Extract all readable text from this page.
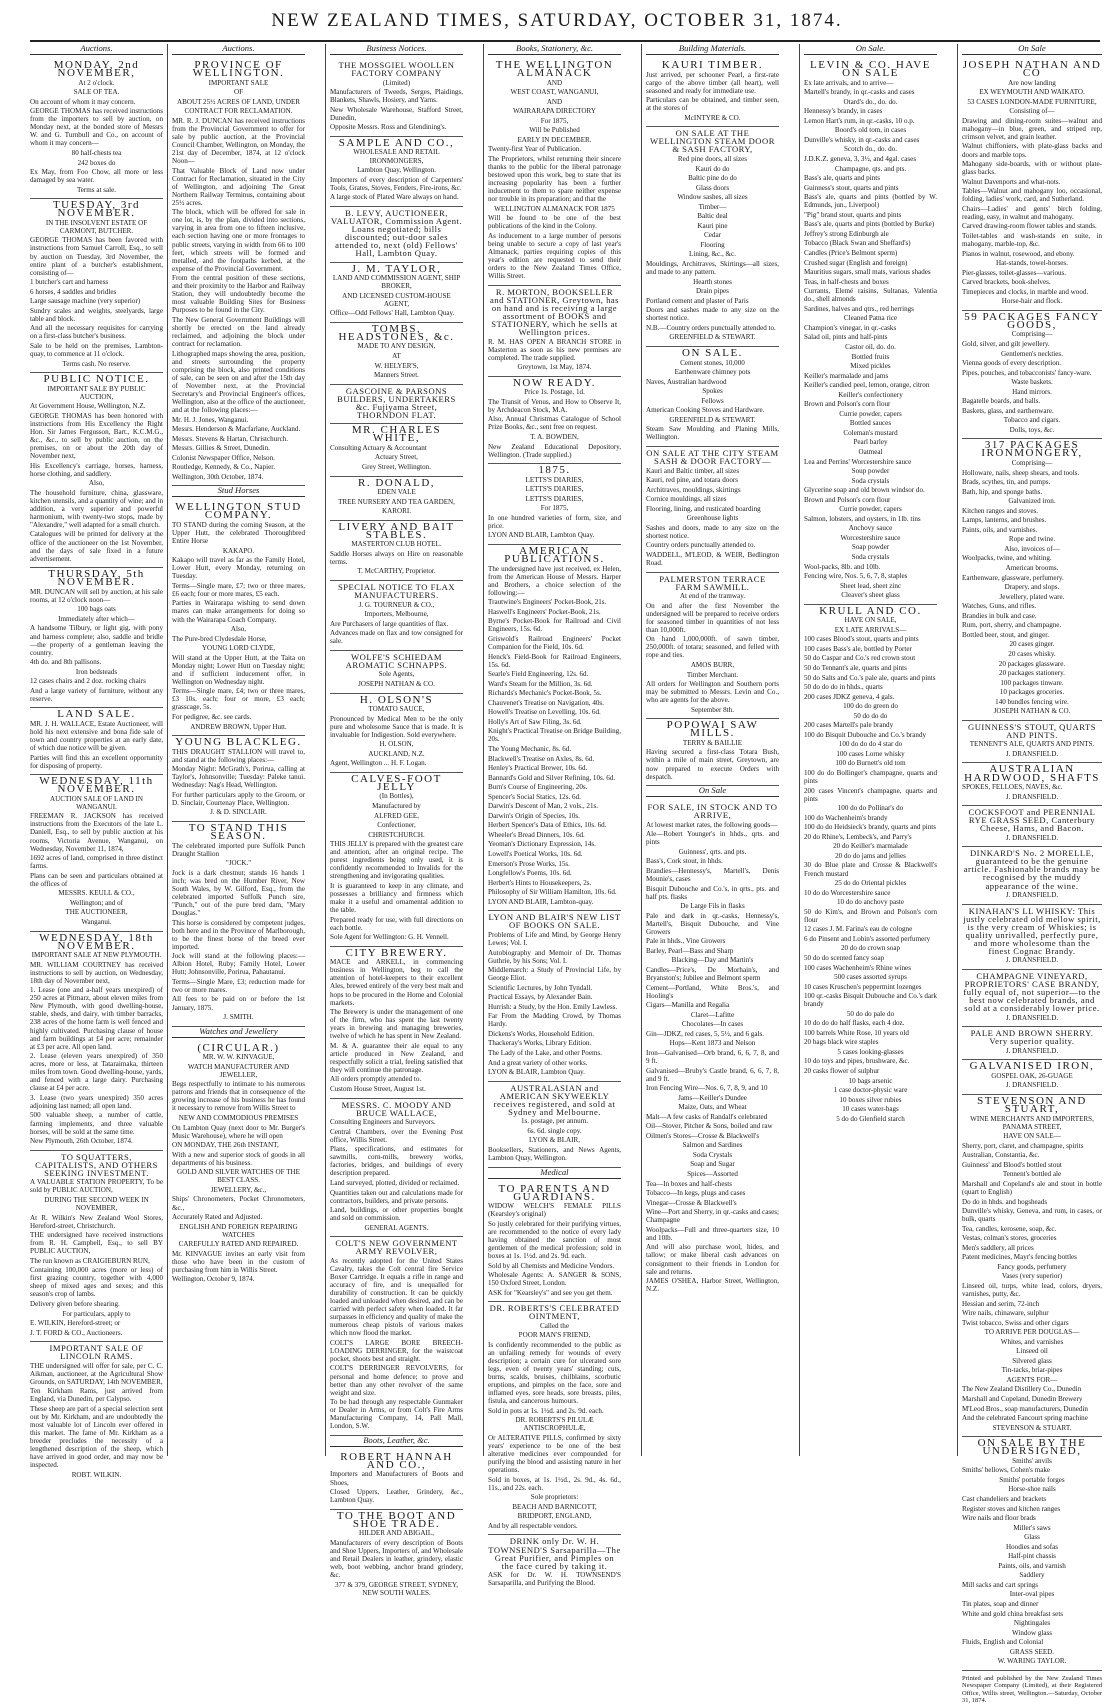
NEW ZEALAND TIMES, SATURDAY, OCTOBER 31, 1874.
Auctions.

MONDAY, 2nd NOVEMBER,

At 2 o'clock.

SALE OF TEA.

On account of whom it may concern.

GEORGE THOMAS has received instructions from the importers to sell by auction, on Monday next, at the bonded store of Messrs W. and G. Turnbull and Co., on account of whom it may concern—

80 half-chests tea

242 boxes do

Ex May, from Foo Chow, all more or less damaged by sea water.

Terms at sale.

TUESDAY, 3rd NOVEMBER.

IN THE INSOLVENT ESTATE OF CARMONT, BUTCHER.

GEORGE THOMAS has been favored with instructions from Samuel Carroll, Esq., to sell by auction on Tuesday, 3rd November, the entire plant of a butcher's establishment, consisting of—

1 butcher's cart and harness

6 horses, 4 saddles and bridles

Large sausage machine (very superior)

Sundry scales and weights, steelyards, large table and block.

And all the necessary requisites for carrying on a first-class butcher's business.

Sale to be held on the premises, Lambton-quay, to commence at 11 o'clock.

Terms cash. No reserve.

PUBLIC NOTICE.

IMPORTANT SALE BY PUBLIC AUCTION,

At Government House, Wellington, N.Z.

GEORGE THOMAS has been honored with instructions from His Excellency the Right Hon. Sir James Fergusson, Bart., K.C.M.G., &c., &c., to sell by public auction, on the premises, on or about the 20th day of November next,

His Excellency's carriage, horses, harness, horse clothing, and saddlery.

Also,

The household furniture, china, glassware, kitchen utensils, and a quantity of wine; and in addition, a very superior and powerful harmonium, with twenty-two stops, made by "Alexandre," well adapted for a small church.

Catalogues will be printed for delivery at the office of the auctioneer on the 1st November, and the days of sale fixed in a future advertisement.

THURSDAY, 5th NOVEMBER.

MR. DUNCAN will sell by auction, at his sale rooms, at 12 o'clock noon—

100 bags oats

Immediately after which—

A handsome Tilbury, or light gig, with pony and harness complete; also, saddle and bridle—the property of a gentleman leaving the country.

4th do. and 8th pallisons.

Iron bedsteads

12 cases chairs and 2 doz. rocking chairs

And a large variety of furniture, without any reserve.

LAND SALE.

MR. J. H. WALLACE, Estate Auctioneer, will hold his next extensive and bona fide sale of town and country properties at an early date, of which due notice will be given.

Parties will find this an excellent opportunity for disposing of property.

WEDNESDAY, 11th NOVEMBER.

AUCTION SALE OF LAND IN WANGANUI.

FREEMAN R. JACKSON has received instructions from the Executors of the late L. Daniell, Esq., to sell by public auction at his rooms, Victoria Avenue, Wanganui, on Wednesday, November 11, 1874,

1692 acres of land, comprised in three distinct farms.

Plans can be seen and particulars obtained at the offices of

MESSRS. KEULL & CO.,

Wellington; and of

THE AUCTIONEER,

Wanganui.

WEDNESDAY, 18th NOVEMBER.

IMPORTANT SALE AT NEW PLYMOUTH.

MR. WILLIAM COURTNEY has received instructions to sell by auction, on Wednesday, 18th day of November next,

1. Lease (one and a-half years unexpired) of 250 acres at Pitmarz, about eleven miles from New Plymouth, with good dwelling-house, stable, sheds, and dairy, with timber barracks, 238 acres of the home farm is well fenced and highly cultivated. Purchasing clause of house and farm buildings at £4 per acre; remainder at £3 per acre. All open land.

2. Lease (eleven years unexpired) of 350 acres, more or less, at Tataraimaka, thirteen miles from town. Good dwelling-house, yards, and fenced with a large dairy. Purchasing clause at £4 per acre.

3. Lease (two years unexpired) 350 acres adjoining last named; all open land.

500 valuable sheep, a number of cattle, farming implements, and three valuable horses, will be sold at the same time.

New Plymouth, 26th October, 1874.

TO SQUATTERS, CAPITALISTS, AND OTHERS SEEKING INVESTMENT.

A VALUABLE STATION PROPERTY, To be sold by PUBLIC AUCTION,

DURING THE SECOND WEEK IN NOVEMBER,

At R. Wilkin's New Zealand Wool Stores, Hereford-street, Christchurch.

THE undersigned have received instructions from R. H. Campbell, Esq., to sell BY PUBLIC AUCTION,

The run known as CRAIGIEBURN RUN,

Containing 100,000 acres (more or less) of first grazing country, together with 4,000 sheep of mixed ages and sexes; and this season's crop of lambs.

Delivery given before shearing.

For particulars, apply to

E. WILKIN, Hereford-street; or

J. T. FORD & CO., Auctioneers.

IMPORTANT SALE OF LINCOLN RAMS.

THE undersigned will offer for sale, per C. C. Aikman, auctioneer, at the Agricultural Show Grounds, on SATURDAY, 14th NOVEMBER,

Ten Kirkham Rams, just arrived from England, via Dunedin, per Calypso.

These sheep are part of a special selection sent out by Mr. Kirkham, and are undoubtedly the most valuable lot of Lincoln ever offered in this market. The fame of Mr. Kirkham as a breeder precludes the necessity of a lengthened description of the sheep, which have arrived in good order, and may now be inspected.

ROBT. WILKIN.

Auctions.

PROVINCE OF WELLINGTON.

IMPORTANT SALE

OF

ABOUT 25½ ACRES OF LAND, UNDER

CONTRACT FOR RECLAMATION.

MR. R. J. DUNCAN has received instructions from the Provincial Government to offer for sale by public auction, at the Provincial Council Chamber, Wellington, on Monday, the 21st day of December, 1874, at 12 o'clock Noon—

That Valuable Block of Land now under Contract for Reclamation, situated in the City of Wellington, and adjoining The Great Northern Railway Terminus, containing about 25½ acres.

The block, which will be offered for sale in one lot, is, by the plan, divided into sections, varying in area from one to fifteen inclusive, each section having one or more frontages to public streets, varying in width from 66 to 100 feet, which streets will be formed and metalled, and the footpaths kerbed, at the expense of the Provincial Government.

From the central position of these sections, and their proximity to the Harbor and Railway Station, they will undoubtedly become the most valuable Building Sites for Business Purposes to be found in the City.

The New General Government Buildings will shortly be erected on the land already reclaimed, and adjoining the block under contract for reclamation.

Lithographed maps showing the area, position, and streets surrounding the property comprising the block, also printed conditions of sale, can be seen on and after the 15th day of November next, at the Provincial Secretary's and Provincial Engineer's offices, Wellington, also at the office of the auctioneer, and at the following places:—

Mr. H. J. Jones, Wanganui.

Messrs. Henderson & Macfarlane, Auckland.

Messrs. Stevens & Hartan, Christchurch.

Messrs. Gillies & Street, Dunedin.

Colonist Newspaper Office, Nelson.

Routledge, Kennedy, & Co., Napier.

Wellington, 30th October, 1874.

Stud Horses

WELLINGTON STUD COMPANY.

TO STAND during the coming Season, at the Upper Hutt, the celebrated Thoroughbred Entire Horse

KAKAPO.

Kakapo will travel as far as the Family Hotel, Lower Hutt, every Monday, returning on Tuesday.

Terms—Single mare, £7; two or three mares, £6 each; four or more mares, £5 each.

Parties in Wairarapa wishing to send down mares can make arrangements for doing so with the Wairarapa Coach Company.

Also,

The Pure-bred Clydesdale Horse,

YOUNG LORD CLYDE,

Will stand at the Upper Hutt, at the Taita on Monday night; Lower Hutt on Tuesday night; and if sufficient inducement offer, in Wellington on Wednesday night.

Terms—Single mare, £4; two or three mares, £3 10s. each; four or more, £3 each; grasscage, 5s.

For pedigree, &c. see cards.

ANDREW BROWN, Upper Hutt.

YOUNG BLACKLEG.

THIS DRAUGHT STALLION will travel to, and stand at the following places:—

Monday Night: McGrath's, Porirua, calling at Taylor's, Johnsonville; Tuesday: Paleke tanui. Wednesday: Nag's Head, Wellington.

For further particulars apply to the Groom, or D. Sinclair, Courtenay Place, Wellington.

J. & D. SINCLAIR.

TO STAND THIS SEASON.

The celebrated imported pure Suffolk Punch Draught Stallion

"JOCK."

Jock is a dark chestnut; stands 16 hands 1 inch; was bred on the Humber River, New South Wales, by W. Gilford, Esq., from the celebrated imported Suffolk Punch sire, "Punch," out of the pure bred dam, "Mary Douglas."

This horse is considered by competent judges, both here and in the Province of Marlborough, to be the finest horse of the breed ever imported.

Jock will stand at the following places:—Albion Hotel, Ruby; Family Hotel, Lower Hutt; Johnsonville, Porirua, Pahautanui.

Terms—Single Mare, £3; reduction made for two or more mares.

All fees to be paid on or before the 1st January, 1875.

J. SMITH.

Watches and Jewellery

(CIRCULAR.)

MR. W. W. KINVAGUE,

WATCH MANUFACTURER AND JEWELLER,

Begs respectfully to intimate to his numerous patrons and friends that in consequence of the growing increase of his business he has found it necessary to remove from Willis Street to

NEW AND COMMODIOUS PREMISES

On Lambton Quay (next door to Mr. Burger's Music Warehouse), where he will open

ON MONDAY, THE 26th INSTANT,

With a new and superior stock of goods in all departments of his business.

GOLD AND SILVER WATCHES OF THE BEST CLASS.

JEWELLERY, &c.,

Ships' Chronometers, Pocket Chronometers, &c.,

Accurately Rated and Adjusted.

ENGLISH AND FOREIGN REPAIRING WATCHES

CAREFULLY RATED AND REPAIRED.

Mr. KINVAGUE invites an early visit from those who have been in the custom of purchasing from him in Willis Street.

Wellington, October 9, 1874.

Business Notices.

THE MOSSGIEL WOOLLEN FACTORY COMPANY

(Limited)

Manufacturers of Tweeds, Serges, Plaidings, Blankets, Shawls, Hosiery, and Yarns.

New Wholesale Warehouse, Stafford Street, Dunedin,

Opposite Messrs. Ross and Glendining's.

SAMPLE AND CO.,

WHOLESALE AND RETAIL IRONMONGERS,

Lambton Quay, Wellington.

Importers of every description of Carpenters' Tools, Grates, Stoves, Fenders, Fire-irons, &c.

A large stock of Plated Ware always on hand.

B. LEVY, AUCTIONEER, VALUATOR, Commission Agent. Loans negotiated; bills discounted; out-door sales attended to, next (old) Fellows' Hall, Lambton Quay.

J. M. TAYLOR,

LAND AND COMMISSION AGENT, SHIP BROKER,

AND LICENSED CUSTOM-HOUSE AGENT,

Office—Odd Fellows' Hall, Lambton Quay.

TOMBS, HEADSTONES, &c.

MADE TO ANY DESIGN,

AT

W. HELYER'S,

Manners Street.

GASCOINE & PARSONS BUILDERS, UNDERTAKERS &c. Fujiyama Street, THORNDON FLAT.

MR. CHARLES WHITE,

Consulting Actuary & Accountant

Actuary Street,

Grey Street, Wellington.

R. DONALD,

EDEN VALE

TREE NURSERY AND TEA GARDEN,

KARORI.

LIVERY AND BAIT STABLES.

MASTERTON CLUB HOTEL.

Saddle Horses always on Hire on reasonable terms.

T. McCARTHY, Proprietor.

SPECIAL NOTICE TO FLAX MANUFACTURERS.

J. G. TOURNEUR & CO.,

Importers, Melbourne,

Are Purchasers of large quantities of flax.

Advances made on flax and tow consigned for sale.

WOLFE'S SCHIEDAM AROMATIC SCHNAPPS.

Sole Agents,

JOSEPH NATHAN & CO.

H. OLSON'S

TOMATO SAUCE,

Pronounced by Medical Men to be the only pure and wholesome Sauce that is made. It is invaluable for Indigestion. Sold everywhere.

H. OLSON,

AUCKLAND, N.Z.

Agent, Wellington ... H. F. Logan.

CALVES-FOOT JELLY

(In Bottles),

Manufactured by

ALFRED GEE,

Confectioner,

CHRISTCHURCH.

THIS JELLY is prepared with the greatest care and attention, after an original recipe. The purest ingredients being only used, it is confidently recommended to Invalids for the strengthening and invigorating qualities.

It is guaranteed to keep in any climate, and possesses a brilliancy and firmness which make it a useful and ornamental addition to the table.

Prepared ready for use, with full directions on each bottle.

Sole Agent for Wellington: G. H. Vennell.

CITY BREWERY.

MACE and ARKELL, in commencing business in Wellington, beg to call the attention of hotel-keepers to their excellent Ales, brewed entirely of the very best malt and hops to be procured in the Home and Colonial markets.

The Brewery is under the management of one of the firm, who has spent the last twenty years in brewing and managing breweries, twelve of which he has spent in New Zealand.

M. & A. guarantee their ale equal to any article produced in New Zealand, and respectfully solicit a trial, feeling satisfied that they will continue the patronage.

All orders promptly attended to.

Custom House Street, August 1st.

MESSRS. C. MOODY AND BRUCE WALLACE,

Consulting Engineers and Surveyors.

Central Chambers, over the Evening Post office, Willis Street.

Plans, specifications, and estimates for sawmills, corn-mills, brewery works, factories, bridges, and buildings of every description prepared.

Land surveyed, plotted, divided or reclaimed.

Quantities taken out and calculations made for contractors, builders, and private persons.

Land, buildings, or other properties bought and sold on commission.

GENERAL AGENTS.

COLT'S NEW GOVERNMENT ARMY REVOLVER,

As recently adopted for the United States Cavalry, takes the Colt central fire Service Boxer Cartridge. It equals a rifle in range and accuracy of fire, and is unequalled for durability of construction. It can be quickly loaded and unloaded when desired, and can be carried with perfect safety when loaded. It far surpasses in efficiency and quality of make the numerous cheap pistols of various makes which now flood the market.

COLT'S LARGE BORE BREECH-LOADING DERRINGER, for the waistcoat pocket, shoots best and straight.

COLT'S DERRINGER REVOLVERS, for personal and home defence; to prove and better than any other revolver of the same weight and size.

To be had through any respectable Gunmaker or Dealer in Arms, or from Colt's Fire Arms Manufacturing Company, 14, Pall Mall, London, S.W.

Boots, Leather, &c.

ROBERT HANNAH AND CO.,

Importers and Manufacturers of Boots and Shoes,

Closed Uppers, Leather, Grindery, &c., Lambton Quay.

TO THE BOOT AND SHOE TRADE.

HILDER AND ABIGAIL,

Manufacturers of every description of Boots and Shoe Uppers, Importers of, and Wholesale and Retail Dealers in leather, grindery, elastic web, boot webbing, anchor brand grindery, &c.

377 & 379, GEORGE STREET, SYDNEY, NEW SOUTH WALES.

Books, Stationery, &c.

THE WELLINGTON ALMANACK

AND

WEST COAST, WANGANUI,

AND

WAIRARAPA DIRECTORY

For 1875,

Will be Published

EARLY IN DECEMBER.

Twenty-first Year of Publication.

The Proprietors, whilst returning their sincere thanks to the public for the liberal patronage bestowed upon this work, beg to state that its increasing popularity has been a further inducement to them to spare neither expense nor trouble in its preparation; and that the

WELLINGTON ALMANACK FOR 1875

Will be found to be one of the best publications of the kind in the Colony.

As inducement to a large number of persons being unable to secure a copy of last year's Almanack, parties requiring copies of this year's edition are requested to send their orders to the New Zealand Times Office, Willis Street.

R. MORTON, BOOKSELLER and STATIONER, Greytown, has on hand and is receiving a large assortment of BOOKS and STATIONERY, which he sells at Wellington prices.

R. M. HAS OPEN A BRANCH STORE in Masterton as soon as his new premises are completed. The trade supplied.

Greytown, 1st May, 1874.

NOW READY.

Price 1s. Postage, 1d.

The Transit of Venus, and How to Observe It, by Archdeacon Stock, M.A.

Also, Annual Christmas Catalogue of School Prize Books, &c., sent free on request.

T. A. BOWDEN,

New Zealand Educational Depository, Wellington. (Trade supplied.)

1875.

LETTS'S DIARIES,

LETTS'S DIARIES,

LETTS'S DIARIES,

For 1875,

In one hundred varieties of form, size, and price.

LYON AND BLAIR, Lambton Quay.

AMERICAN PUBLICATIONS.

The undersigned have just received, ex Helen, from the American House of Messrs. Harper and Brothers, a choice selection of the following:—

Trautwine's Engineers' Pocket-Book, 21s.

Haswell's Engineers' Pocket-Book, 21s.

Byrne's Pocket-Book for Railroad and Civil Engineers, 15s. 6d.

Griswold's Railroad Engineers' Pocket Companion for the Field, 10s. 6d.

Henck's Field-Book for Railroad Engineers, 15s. 6d.

Searle's Field Engineering, 12s. 6d.

Ward's Steam for the Million, 3s. 6d.

Richards's Mechanic's Pocket-Book, 5s.

Chauvenet's Treatise on Navigation, 40s.

Howell's Treatise on Levelling, 10s. 6d.

Holly's Art of Saw Filing, 3s. 6d.

Knight's Practical Treatise on Bridge Building, 20s.

The Young Mechanic, 8s. 6d.

Blackwell's Treatise on Axles, 8s. 6d.

Henley's Practical Brewer, 10s. 6d.

Bannard's Gold and Silver Refining, 10s. 6d.

Burn's Course of Engineering, 20s.

Spencer's Social Statics, 12s. 6d.

Darwin's Descent of Man, 2 vols., 21s.

Darwin's Origin of Species, 10s.

Herbert Spencer's Data of Ethics, 10s. 6d.

Wheeler's Bread Dinners, 10s. 6d.

Yeoman's Dictionary Expression, 14s.

Lowell's Poetical Works, 10s. 6d.

Emerson's Prose Works, 15s.

Longfellow's Poems, 10s. 6d.

Herbert's Hints to Housekeepers, 2s.

Philosophy of Sir William Hamilton, 10s. 6d.

LYON AND BLAIR, Lambton-quay.

LYON AND BLAIR'S NEW LIST OF BOOKS ON SALE.

Problems of Life and Mind, by George Henry Lewes; Vol. I.

Autobiography and Memoir of Dr. Thomas Guthrie, by his Sons; Vol. I.

Middlemarch: a Study of Provincial Life, by George Eliot.

Scientific Lectures, by John Tyndall.

Practical Essays, by Alexander Bain.

Hurrish: a Study, by the Hon. Emily Lawless.

Far From the Madding Crowd, by Thomas Hardy.

Dickens's Works, Household Edition.

Thackeray's Works, Library Edition.

The Lady of the Lake, and other Poems.

And a great variety of other works.

LYON & BLAIR, Lambton Quay.

AUSTRALASIAN and AMERICAN SKYWEEKLY receives registered, and sold at Sydney and Melbourne.

1s. postage, per annum.

6s. 6d. single copy.

LYON & BLAIR,

Booksellers, Stationers, and News Agents, Lambton Quay, Wellington.

Medical

TO PARENTS AND GUARDIANS.

WIDOW WELCH'S FEMALE PILLS (Kearsley's original)

So justly celebrated for their purifying virtues, are recommended to the notice of every lady having obtained the sanction of most gentlemen of the medical profession; sold in boxes at 1s. 1½d. and 2s. 9d. each.

Sold by all Chemists and Medicine Vendors.

Wholesale Agents: A. SANGER & SONS, 150 Oxford Street, London.

ASK for "Kearsley's" and see you get them.

DR. ROBERTS'S CELEBRATED OINTMENT,

Called the

POOR MAN'S FRIEND,

Is confidently recommended to the public as an unfailing remedy for wounds of every description; a certain cure for ulcerated sore legs, even of twenty years' standing; cuts, burns, scalds, bruises, chilblains, scorbutic eruptions, and pimples on the face, sore and inflamed eyes, sore heads, sore breasts, piles, fistula, and cancerous humours.

Sold in pots at 1s. 1½d. and 2s. 9d. each.

DR. ROBERTS'S PILULÆ ANTISCROPHULÆ,

Or ALTERATIVE PILLS, confirmed by sixty years' experience to be one of the best alterative medicines ever compounded for purifying the blood and assisting nature in her operations.

Sold in boxes, at 1s. 1½d., 2s. 9d., 4s. 6d., 11s., and 22s. each.

Sole proprietors:

BEACH AND BARNICOTT,

BRIDPORT, ENGLAND,

And by all respectable vendors.

DRINK only Dr. W. H. TOWNSEND'S Sarsaparilla—The Great Purifier, and Pimples on the face cured by taking it.

ASK for Dr. W. H. TOWNSEND'S Sarsaparilla, and Purifying the Blood.

Building Materials.

KAURI TIMBER.

Just arrived, per schooner Pearl, a first-rate cargo of the above timber (all heart), well seasoned and ready for immediate use.

Particulars can be obtained, and timber seen, at the stores of

McINTYRE & CO.

ON SALE AT THE WELLINGTON STEAM DOOR & SASH FACTORY,

Red pine doors, all sizes

Kauri do do

Baltic pine do do

Glass doors

Window sashes, all sizes

Timber—

Baltic deal

Kauri pine

Cedar

Flooring

Lining, &c., &c.

Mouldings, Architraves, Skirtings—all sizes, and made to any pattern.

Hearth stones

Drain pipes

Portland cement and plaster of Paris

Doors and sashes made to any size on the shortest notice.

N.B.—Country orders punctually attended to.

GREENFIELD & STEWART.

ON SALE.

Cement stones, 10,000

Earthenware chimney pots

Naves, Australian hardwood

Spokes

Fellows

American Cooking Stoves and Hardware.

GREENFIELD & STEWART.

Steam Saw Moulding and Planing Mills, Wellington.

ON SALE AT THE CITY STEAM SASH & DOOR FACTORY—

Kauri and Baltic timber, all sizes

Kauri, red pine, and totara doors

Architraves, mouldings, skirtings

Cornice mouldings, all sizes

Flooring, lining, and rusticated boarding

Greenhouse lights

Sashes and doors, made to any size on the shortest notice.

Country orders punctually attended to.

WADDELL, M'LEOD, & WEIR, Bedlington Road.

PALMERSTON TERRACE FARM SAWMILL.

At end of the tramway.

On and after the first November the undersigned will be prepared to receive orders for seasoned timber in quantities of not less than 10,000ft.

On hand 1,000,000ft. of sawn timber, 250,000ft. of totara; seasoned, and felled with rope and ties.

AMOS BURR,

Timber Merchant.

All orders for Wellington and Southern ports may be submitted to Messrs. Levin and Co., who are agents for the above.

September 8th.

POPOWAI SAW MILLS.

TERRY & BAILLIE

Having secured a first-class Totara Bush, within a mile of main street, Greytown, are now prepared to execute Orders with despatch.

On Sale

FOR SALE, IN STOCK AND TO ARRIVE,

At lowest market rates, the following goods—

Ale—Robert Younger's in hhds., qrts. and pints

Guinness', qrts. and pts.

Bass's, Cork stout, in hhds.

Brandies—Hennessy's, Martell's, Denis Mounie's, cases

Bisquit Dubouche and Co.'s, in qrts., pts. and half pts. flasks

De Large Fils in flasks

Pale and dark in qr.-casks, Hennessy's, Martell's, Bisquit Dubouche, and Vine Growers

Pale in hhds., Vine Growers

Barley, Pearl—Bass and Sharp

Blacking—Day and Martin's

Candles—Price's, De Morhain's, and Bryanston's; Jubilee and Belmont sperm

Cement—Portland, White Bros.'s, and Hooling's

Cigars—Manilla and Regalia

Claret—Lafitte

Chocolates—In cases

Gin—JDKZ, red cases, 5, 5½, and 6 gals.

Hops—Kent 1873 and Nelson

Iron—Galvanised—Orb brand, 6, 6, 7, 8, and 9 ft.

Galvanised—Bruby's Castle brand, 6, 6, 7, 8, and 9 ft.

Iron Fencing Wire—Nos. 6, 7, 8, 9, and 10

Jams—Keiller's Dundee

Maize, Oats, and Wheat

Malt—A few casks of Randall's celebrated

Oil—Stover, Pitcher & Sons, boiled and raw

Oilmen's Stores—Crosse & Blackwell's

Salmon and Sardines

Soda Crystals

Soap and Sugar

Spices—Assorted

Tea—In boxes and half-chests

Tobacco—In kegs, plugs and cases

Vinegar—Crosse & Blackwell's

Wine—Port and Sherry, in qr.-casks and cases; Champagne

Woolpacks—Full and three-quarters size, 10 and 10lb.

And will also purchase wool, hides, and tallow; or make liberal cash advances on consignment to their friends in London for sale and returns.

JAMES O'SHEA, Harbor Street, Wellington, N.Z.

On Sale.

LEVIN & CO. HAVE ON SALE

Ex late arrivals, and to arrive—

Martell's brandy, in qr.-casks and cases

Otard's do., do. do.

Hennessy's brandy, in cases

Lemon Hart's rum, in qr.-casks, 10 o.p.

Boord's old tom, in cases

Dunville's whisky, in qr.-casks and cases

Scotch do., do. do.

J.D.K.Z. geneva, 3, 3½, and 4gal. cases

Champagne, qts. and pts.

Bass's ale, quarts and pints

Guinness's stout, quarts and pints

Bass's ale, quarts and pints (bottled by W. Edmunds, jun., Liverpool)

"Pig" brand stout, quarts and pints

Bass's ale, quarts and pints (bottled by Burke)

Jeffrey's strong Edinburgh ale

Tobacco (Black Swan and Sheffard's)

Candles (Price's Belmont sperm)

Crushed sugar (English and foreign)

Mauritius sugars, small mats, various shades

Teas, in half-chests and boxes

Currants, Elemé raisins, Sultanas, Valentia do., shell almonds

Sardines, halves and qtrs., red herrings

Cleaned Patna rice

Champion's vinegar, in qr.-casks

Salad oil, pints and half-pints

Castor oil, do. do.

Bottled fruits

Mixed pickles

Keiller's marmalade and jams

Keiller's candied peel, lemon, orange, citron

Keiller's confectionery

Brown and Polson's corn flour

Currie powder, capers

Bottled sauces

Coleman's mustard

Pearl barley

Oatmeal

Lea and Perrins' Worcestershire sauce

Soup powder

Soda crystals

Glycerine soap and old brown windsor do.

Brown and Polson's corn flour

Currie powder, capers

Salmon, lobsters, and oysters, in 1lb. tins

Anchovy sauce

Worcestershire sauce

Soap powder

Soda crystals

Wool-packs, 8lb. and 10lb.

Fencing wire, Nos. 5, 6, 7, 8, staples

Sheet lead, sheet zinc

Cleaver's sheet glass

KRULL AND CO.

HAVE ON SALE,

EX LATE ARRIVALS—

100 cases Blood's stout, quarts and pints

100 cases Bass's ale, bottled by Porter

50 do Caspar and Co.'s red crown stout

50 do Tennant's ale, quarts and pints

50 do Salts and Co.'s pale ale, quarts and pints

50 do do do in hhds., quarts

200 cases JDKZ geneva, 4 gals.

100 do do green do

50 do do do

200 cases Martell's pale brandy

100 do Bisquit Dubouche and Co.'s brandy

100 do do do 4 star do

100 cases Lorne whisky

100 do Burnett's old tom

100 do do Bollinger's champagne, quarts and pints

200 cases Vincent's champagne, quarts and pints

100 do do Pollinar's do

100 do Wachenheim's brandy

100 do do Heidsieck's brandy, quarts and pints

20 do Rhine's, Lembeck's, and Parry's

20 do Keiller's marmalade

20 do do jams and jellies

30 do Blue plate and Crosse & Blackwell's French mustard

25 do do Oriental pickles

10 do do Worcestershire sauce

10 do do anchovy paste

50 do Kim's, and Brown and Polson's corn flour

12 cases J. M. Farina's eau de cologne

6 do Pinsent and Lobin's assorted perfumery

20 do do crown soap

50 do do scented fancy soap

100 cases Wachenheim's Rhine wines

500 cases assorted syrups

10 cases Kruschen's peppermint lozenges

100 qr.-casks Bisquit Dubouche and Co.'s dark brandy

50 do do pale do

10 do do do half flasks, each 4 doz.

100 barrels White Rose, 10 years old

20 bags black wire staples

5 cases looking-glasses

10 do toys and pipes, brushware, &c.

20 casks flower of sulphur

10 bags arsenic

1 case doctor-physic ware

10 boxes silver rubies

10 cases water-bags

5 do do Glenfield starch

On Sale

JOSEPH NATHAN AND CO

Are now landing

EX WEYMOUTH AND WAIKATO.

53 CASES LONDON-MADE FURNITURE,

Consisting of—

Drawing and dining-room suites—walnut and mahogany—in blue, green, and striped rep, crimson velvet, and grain leather.

Walnut chiffoniers, with plate-glass backs and doors and marble tops.

Mahogany side-boards, with or without plate-glass backs.

Walnut Davenports and what-nots.

Tables—Walnut and mahogany loo, occasional, folding, ladies' work, card, and Sutherland.

Chairs—Ladies' and gents' birch folding, reading, easy, in walnut and mahogany.

Carved drawing-room flower tables and stands.

Toilet-tables and wash-stands en suite, in mahogany, marble-top, &c.

Pianos in walnut, rosewood, and ebony.

Hat-stands, towel-horses.

Pier-glasses, toilet-glasses—various.

Carved brackets, book-shelves.

Timepieces and clocks, in marble and wood.

Horse-hair and flock.

59 PACKAGES FANCY GOODS,

Comprising—

Gold, silver, and gilt jewellery.

Gentlemen's neckties.

Vienna goods of every description.

Pipes, pouches, and tobacconists' fancy-ware.

Waste baskets.

Hand mirrors.

Bagatelle boards, and balls.

Baskets, glass, and earthenware.

Tobacco and cigars.

Dolls, toys, &c.

317 PACKAGES IRONMONGERY,

Comprising—

Holloware, nails, sheep shears, and tools.

Brads, scythes, tin, and pumps.

Bath, hip, and sponge baths.

Galvanized iron.

Kitchen ranges and stoves.

Lamps, lanterns, and brushes.

Paints, oils, and varnishes.

Rope and twine.

Also, invoices of—

Woolpacks, twine, and whiting.

American brooms.

Earthenware, glassware, perfumery.

Drapery, and slops.

Jewellery, plated ware.

Watches, Guns, and rifles.

Brandies in bulk and case.

Rum, port, sherry, and champagne.

Bottled beer, stout, and ginger.

20 cases ginger.

20 cases whisky.

20 packages glassware.

20 packages stationery.

100 packages tinware.

10 packages groceries.

140 bundles fencing wire.

JOSEPH NATHAN & CO.

GUINNESS'S STOUT, QUARTS AND PINTS.

TENNENT'S ALE, QUARTS AND PINTS.

J. DRANSFIELD.

AUSTRALIAN HARDWOOD, SHAFTS

SPOKES, FELLOES, NAVES, &c.

J. DRANSFIELD.

COCKSFOOT and PERENNIAL RYE GRASS SEED, Canterbury Cheese, Hams, and Bacon.

J. DRANSFIELD.

DINKARD'S No. 2 MORELLE, guaranteed to be the genuine article. Fashionable brands may be recognised by the muddy appearance of the wine.

J. DRANSFIELD.

KINAHAN'S LL WHISKY: This justly celebrated old mellow spirit, is the very cream of Whiskies; is quality unrivalled, perfectly pure, and more wholesome than the finest Cognac Brandy.

J. DRANSFIELD.

CHAMPAGNE VINEYARD, PROPRIETORS' CASE BRANDY, fully equal of, not superior—to the best now celebrated brands, and sold at a considerably lower price.

J. DRANSFIELD.

PALE AND BROWN SHERRY. Very superior quality.

J. DRANSFIELD.

GALVANISED IRON,

GOSPEL OAK, 26-GUAGE

J. DRANSFIELD.

STEVENSON AND STUART,

WINE MERCHANTS AND IMPORTERS, PANAMA STREET,

HAVE ON SALE—

Sherry, port, claret, and champagne, spirits

Australian, Constantia, &c.

Guinness' and Blood's bottled stout

Tennent's bottled ale

Marshall and Copeland's ale and stout in bottle (quart to English)

Do do in hhds. and hogsheads

Dunville's whisky, Geneva, and rum, in cases, or bulk, quarts

Tea, candles, kerosene, soap, &c.

Vestas, colman's stores, groceries

Men's saddlery, all prices

Patent medicines, Mayr's fencing bottles

Fancy goods, perfumery

Vases (very superior)

Linseed oil, turps, white lead, colors, dryers, varnishes, putty, &c.

Hessian and serim, 72-inch

Wire nails, chinaware, sulphur

Twist tobacco, Swiss and other cigars

TO ARRIVE PER DOUGLAS—

Whites, and varnishes

Linseed oil

Silvered glass

Tin-tacks, briar-pipes

AGENTS FOR—

The New Zealand Distillery Co., Dunedin

Marshall and Copeland, Dunedin Brewery

M'Leod Bros., soap manufacturers, Dunedin

And the celebrated Fancourt spring machine

STEVENSON & STUART.

ON SALE BY THE UNDERSIGNED,

Smiths' anvils

Smiths' bellows, Cohen's make

Smiths' portable forges

Horse-shoe nails

Cast chandeliers and brackets

Register stoves and kitchen ranges

Wire nails and floor brads

Miller's saws

Glass

Hoodies and sofas

Half-pint chassis

Paints, oils, and varnish

Saddlery

Mill sacks and cart springs

Inter-oval pipes

Tin plates, soap and dinner

White and gold china breakfast sets

Nightingales

Window glass

Fluids, English and Colonial

GRASS SEED.

W. WARING TAYLOR.

Printed and published by the New Zealand Times Newspaper Company (Limited), at their Registered Office, Willis street, Wellington.—Saturday, October 31, 1874.
